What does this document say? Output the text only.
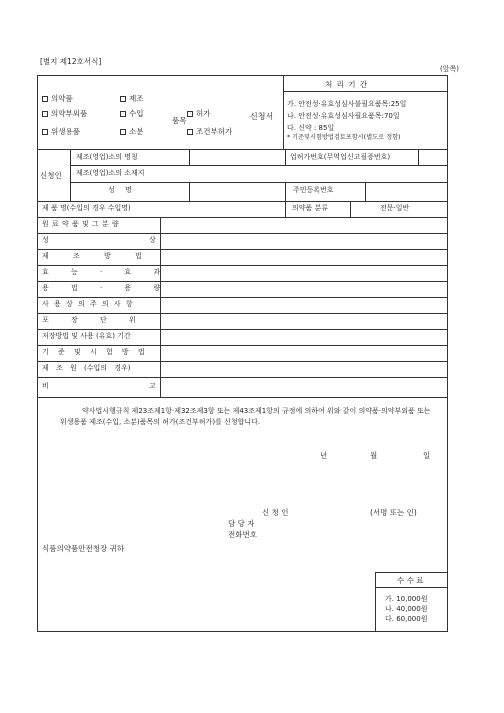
[별지 제12호서식]
(앞쪽)
의약품
의약부외품
위생용품
제조
수입
소분
품목
허가
조건부허가
신청서
처 리 기 간
가. 안전성·유효성심사불필요품목:25일
나. 안전성·유효성심사필요품목:70일
다. 신약 : 85일
* 기준및시험방법검토포함시(별도로 정함)
신청인
제조(영업)소의 명칭	업허가번호(무역업신고필증번호)
제조(영업)소의 소재지
성 명	주민등록번호
제 품 명(수입의 경우 수입명)	의약품 분류	전문·일반
원 료 약 품 및 그 분 량
성 상
제 조 방 법
효 능 · 효 과
용 법 · 용 량
사 용 상 의 주 의 사 항
포 장 단 위
저장방법 및 사용 (유효) 기간
기 준 및 시 험 방 법
제 조 원 (수입의 경우)
비 고
약사법시행규칙 제23조제1항·제32조제3항 또는 제43조제1항의 규정에 의하여 위와 같이 의약품·의약부외품 또는 위생용품 제조(수입, 소분)품목의 허가(조건부허가)를 신청합니다.
년	월	일
신 청 인	(서명 또는 인)
담 당 자
전화번호
식품의약품안전청장 귀하
수 수 료
가. 10,000원
나. 40,000원
다. 60,000원
